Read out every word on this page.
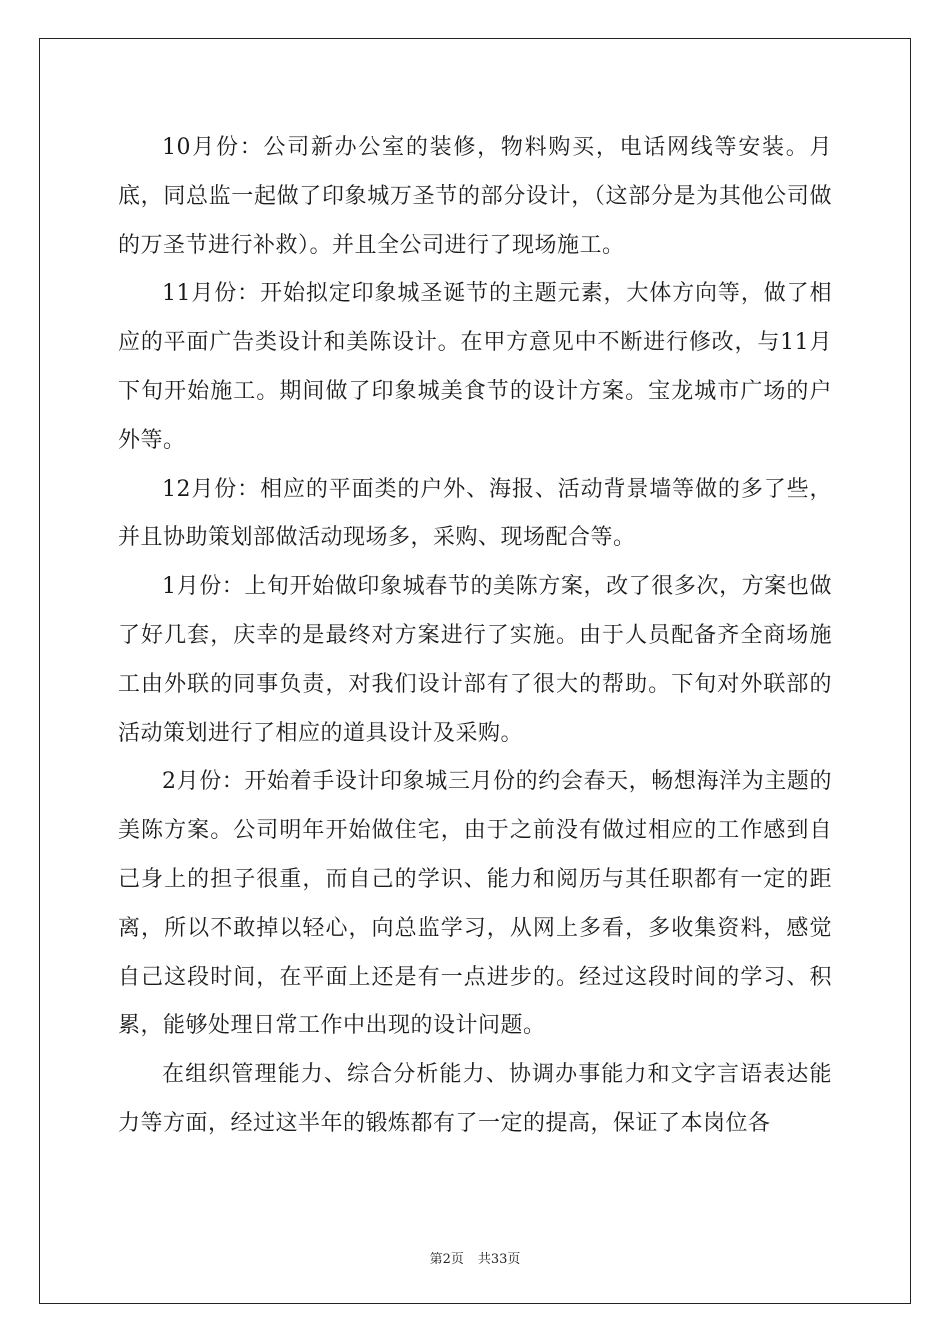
10月份：公司新办公室的装修，物料购买，电话网线等安装。月底，同总监一起做了印象城万圣节的部分设计，（这部分是为其他公司做的万圣节进行补救）。并且全公司进行了现场施工。

11月份：开始拟定印象城圣诞节的主题元素，大体方向等，做了相应的平面广告类设计和美陈设计。在甲方意见中不断进行修改，与11月下旬开始施工。期间做了印象城美食节的设计方案。宝龙城市广场的户外等。

12月份：相应的平面类的户外、海报、活动背景墙等做的多了些，并且协助策划部做活动现场多，采购、现场配合等。

1月份：上旬开始做印象城春节的美陈方案，改了很多次，方案也做了好几套，庆幸的是最终对方案进行了实施。由于人员配备齐全商场施工由外联的同事负责，对我们设计部有了很大的帮助。下旬对外联部的活动策划进行了相应的道具设计及采购。

2月份：开始着手设计印象城三月份的约会春天，畅想海洋为主题的美陈方案。公司明年开始做住宅，由于之前没有做过相应的工作感到自己身上的担子很重，而自己的学识、能力和阅历与其任职都有一定的距离，所以不敢掉以轻心，向总监学习，从网上多看，多收集资料，感觉自己这段时间，在平面上还是有一点进步的。经过这段时间的学习、积累，能够处理日常工作中出现的设计问题。

在组织管理能力、综合分析能力、协调办事能力和文字言语表达能力等方面，经过这半年的锻炼都有了一定的提高，保证了本岗位各

第2页 共33页
